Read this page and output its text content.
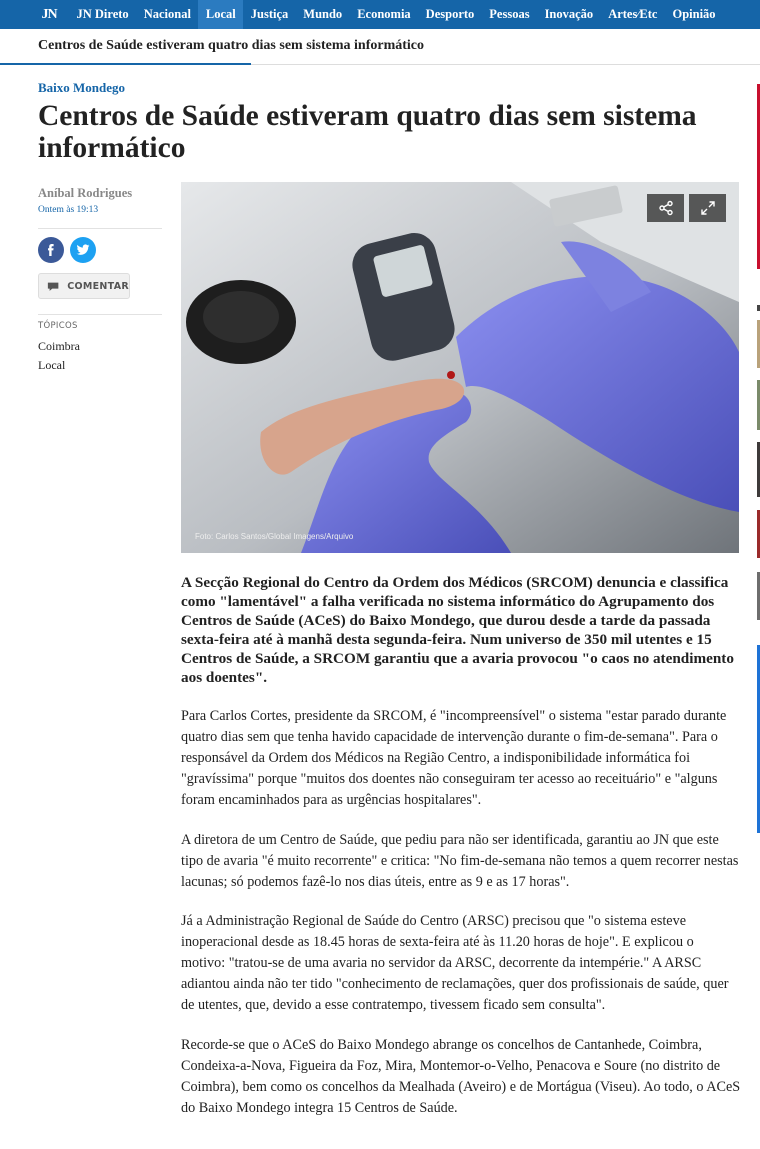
JN	JN Direto	Nacional	Local	Justiça	Mundo	Economia	Desporto	Pessoas	Inovação	Artes⁄Etc	Opinião
Centros de Saúde estiveram quatro dias sem sistema informático
Baixo Mondego
Centros de Saúde estiveram quatro dias sem sistema informático
Aníbal Rodrigues
Ontem às 19:13
COMENTAR
TÓPICOS
Coimbra
Local
Foto: Carlos Santos/Global Imagens/Arquivo

A Secção Regional do Centro da Ordem dos Médicos (SRCOM) denuncia e classifica como "lamentável" a falha verificada no sistema informático do Agrupamento dos Centros de Saúde (ACeS) do Baixo Mondego, que durou desde a tarde da passada sexta-feira até à manhã desta segunda-feira. Num universo de 350 mil utentes e 15 Centros de Saúde, a SRCOM garantiu que a avaria provocou "o caos no atendimento aos doentes".

Para Carlos Cortes, presidente da SRCOM, é "incompreensível" o sistema "estar parado durante quatro dias sem que tenha havido capacidade de intervenção durante o fim-de-semana". Para o responsável da Ordem dos Médicos na Região Centro, a indisponibilidade informática foi "gravíssima" porque "muitos dos doentes não conseguiram ter acesso ao receituário" e "alguns foram encaminhados para as urgências hospitalares".

A diretora de um Centro de Saúde, que pediu para não ser identificada, garantiu ao JN que este tipo de avaria "é muito recorrente" e critica: "No fim-de-semana não temos a quem recorrer nestas lacunas; só podemos fazê-lo nos dias úteis, entre as 9 e as 17 horas".

Já a Administração Regional de Saúde do Centro (ARSC) precisou que "o sistema esteve inoperacional desde as 18.45 horas de sexta-feira até às 11.20 horas de hoje". E explicou o motivo: "tratou-se de uma avaria no servidor da ARSC, decorrente da intempérie." A ARSC adiantou ainda não ter tido "conhecimento de reclamações, quer dos profissionais de saúde, quer de utentes, que, devido a esse contratempo, tivessem ficado sem consulta".

Recorde-se que o ACeS do Baixo Mondego abrange os concelhos de Cantanhede, Coimbra, Condeixa-a-Nova, Figueira da Foz, Mira, Montemor-o-Velho, Penacova e Soure (no distrito de Coimbra), bem como os concelhos da Mealhada (Aveiro) e de Mortágua (Viseu). Ao todo, o ACeS do Baixo Mondego integra 15 Centros de Saúde.
